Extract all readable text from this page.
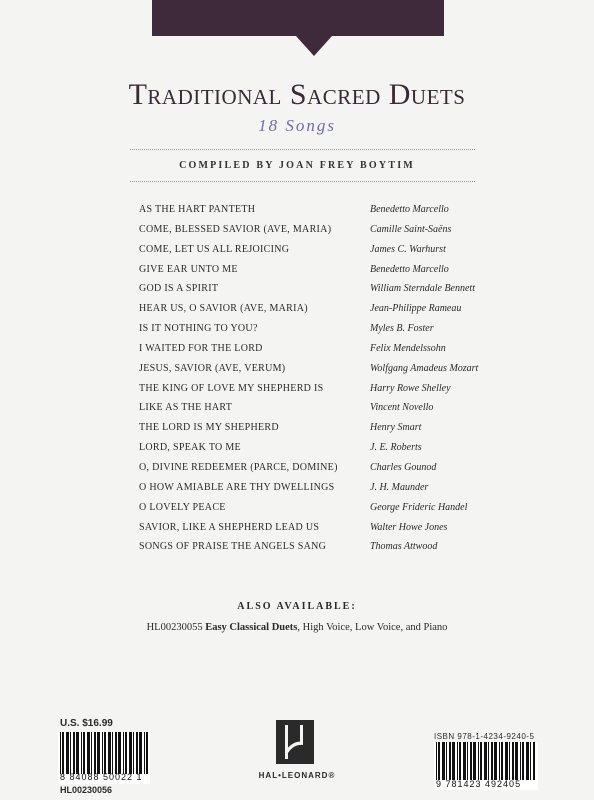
Traditional Sacred Duets
18 Songs
COMPILED BY JOAN FREY BOYTIM
AS THE HART PANTETH	Benedetto Marcello
COME, BLESSED SAVIOR (AVE, MARIA)	Camille Saint-Saëns
COME, LET US ALL REJOICING	James C. Warhurst
GIVE EAR UNTO ME	Benedetto Marcello
GOD IS A SPIRIT	William Sterndale Bennett
HEAR US, O SAVIOR (AVE, MARIA)	Jean-Philippe Rameau
IS IT NOTHING TO YOU?	Myles B. Foster
I WAITED FOR THE LORD	Felix Mendelssohn
JESUS, SAVIOR (AVE, VERUM)	Wolfgang Amadeus Mozart
THE KING OF LOVE MY SHEPHERD IS	Harry Rowe Shelley
LIKE AS THE HART	Vincent Novello
THE LORD IS MY SHEPHERD	Henry Smart
LORD, SPEAK TO ME	J. E. Roberts
O, DIVINE REDEEMER (PARCE, DOMINE)	Charles Gounod
O HOW AMIABLE ARE THY DWELLINGS	J. H. Maunder
O LOVELY PEACE	George Frideric Handel
SAVIOR, LIKE A SHEPHERD LEAD US	Walter Howe Jones
SONGS OF PRAISE THE ANGELS SANG	Thomas Attwood
ALSO AVAILABLE:
HL00230055 Easy Classical Duets, High Voice, Low Voice, and Piano
U.S. $16.99
8 84088 50022 1
HL00230056
HAL•LEONARD®
ISBN 978-1-4234-9240-5
9 781423 492405
